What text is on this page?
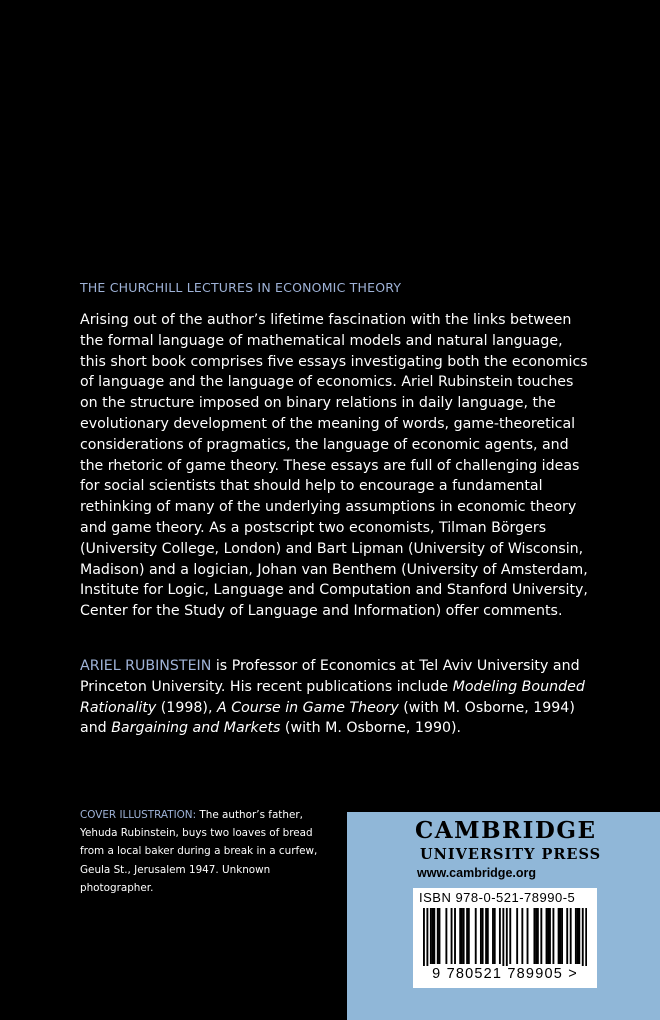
THE CHURCHILL LECTURES IN ECONOMIC THEORY

Arising out of the author’s lifetime fascination with the links between the formal language of mathematical models and natural language, this short book comprises five essays investigating both the economics of language and the language of economics. Ariel Rubinstein touches on the structure imposed on binary relations in daily language, the evolutionary development of the meaning of words, game-theoretical considerations of pragmatics, the language of economic agents, and the rhetoric of game theory. These essays are full of challenging ideas for social scientists that should help to encourage a fundamental rethinking of many of the underlying assumptions in economic theory and game theory. As a postscript two economists, Tilman Börgers (University College, London) and Bart Lipman (University of Wisconsin, Madison) and a logician, Johan van Benthem (University of Amsterdam, Institute for Logic, Language and Computation and Stanford University, Center for the Study of Language and Information) offer comments.

ARIEL RUBINSTEIN is Professor of Economics at Tel Aviv University and Princeton University. His recent publications include Modeling Bounded Rationality (1998), A Course in Game Theory (with M. Osborne, 1994) and Bargaining and Markets (with M. Osborne, 1990).

COVER ILLUSTRATION: The author’s father, Yehuda Rubinstein, buys two loaves of bread from a local baker during a break in a curfew, Geula St., Jerusalem 1947. Unknown photographer.

CAMBRIDGE
UNIVERSITY PRESS
www.cambridge.org
ISBN 978-0-521-78990-5
9 780521 789905 >
